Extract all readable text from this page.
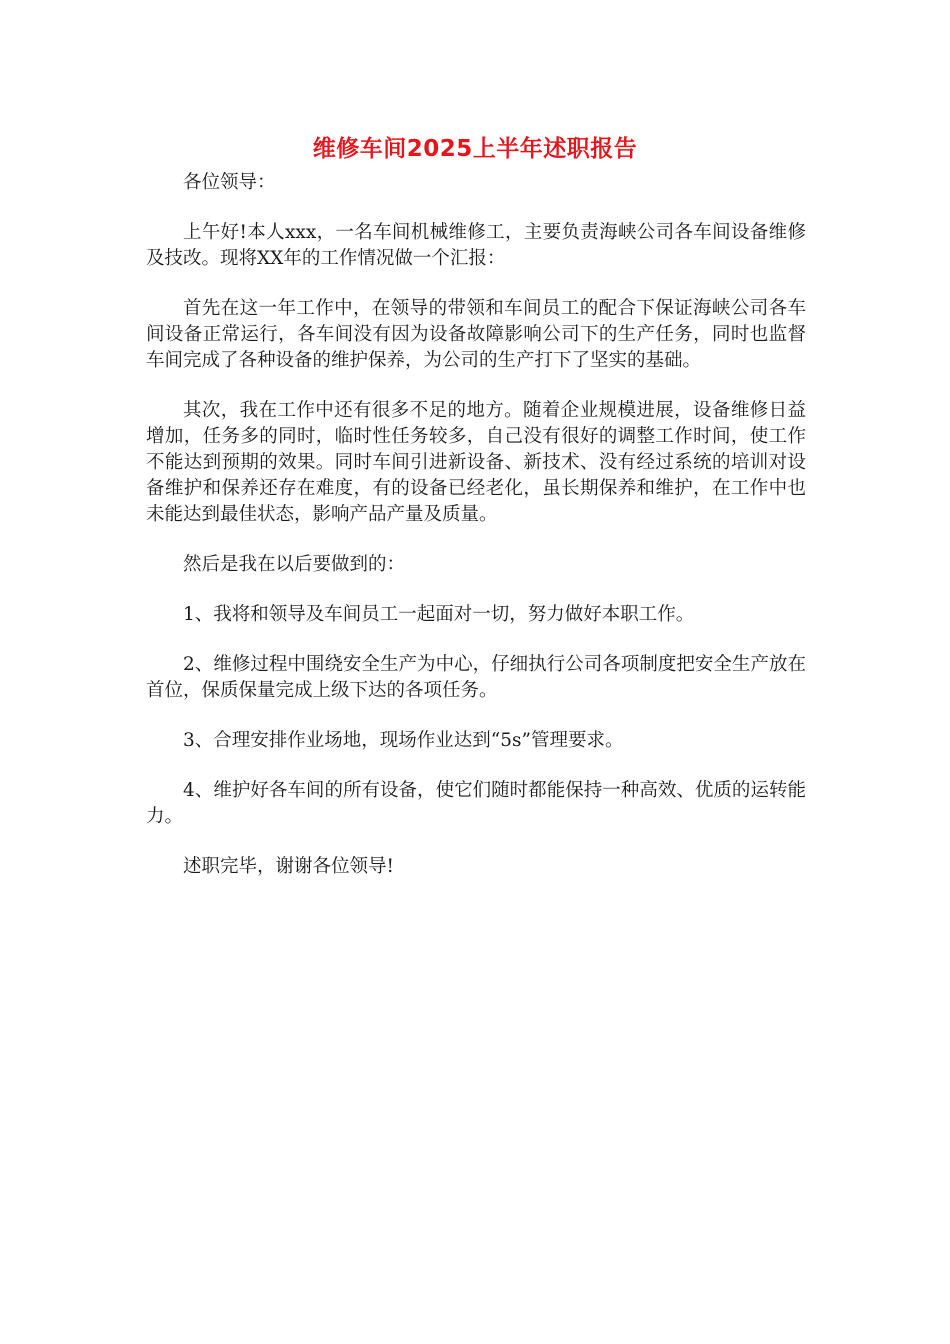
维修车间2025上半年述职报告

各位领导：

上午好!本人xxx，一名车间机械维修工，主要负责海峡公司各车间设备维修及技改。现将XX年的工作情况做一个汇报：

首先在这一年工作中，在领导的带领和车间员工的配合下保证海峡公司各车间设备正常运行，各车间没有因为设备故障影响公司下的生产任务，同时也监督车间完成了各种设备的维护保养，为公司的生产打下了坚实的基础。

其次，我在工作中还有很多不足的地方。随着企业规模进展，设备维修日益增加，任务多的同时，临时性任务较多，自己没有很好的调整工作时间，使工作不能达到预期的效果。同时车间引进新设备、新技术、没有经过系统的培训对设备维护和保养还存在难度，有的设备已经老化，虽长期保养和维护，在工作中也未能达到最佳状态，影响产品产量及质量。

然后是我在以后要做到的：

1、我将和领导及车间员工一起面对一切，努力做好本职工作。

2、维修过程中围绕安全生产为中心，仔细执行公司各项制度把安全生产放在首位，保质保量完成上级下达的各项任务。

3、合理安排作业场地，现场作业达到“5s”管理要求。

4、维护好各车间的所有设备，使它们随时都能保持一种高效、优质的运转能力。

述职完毕，谢谢各位领导!
